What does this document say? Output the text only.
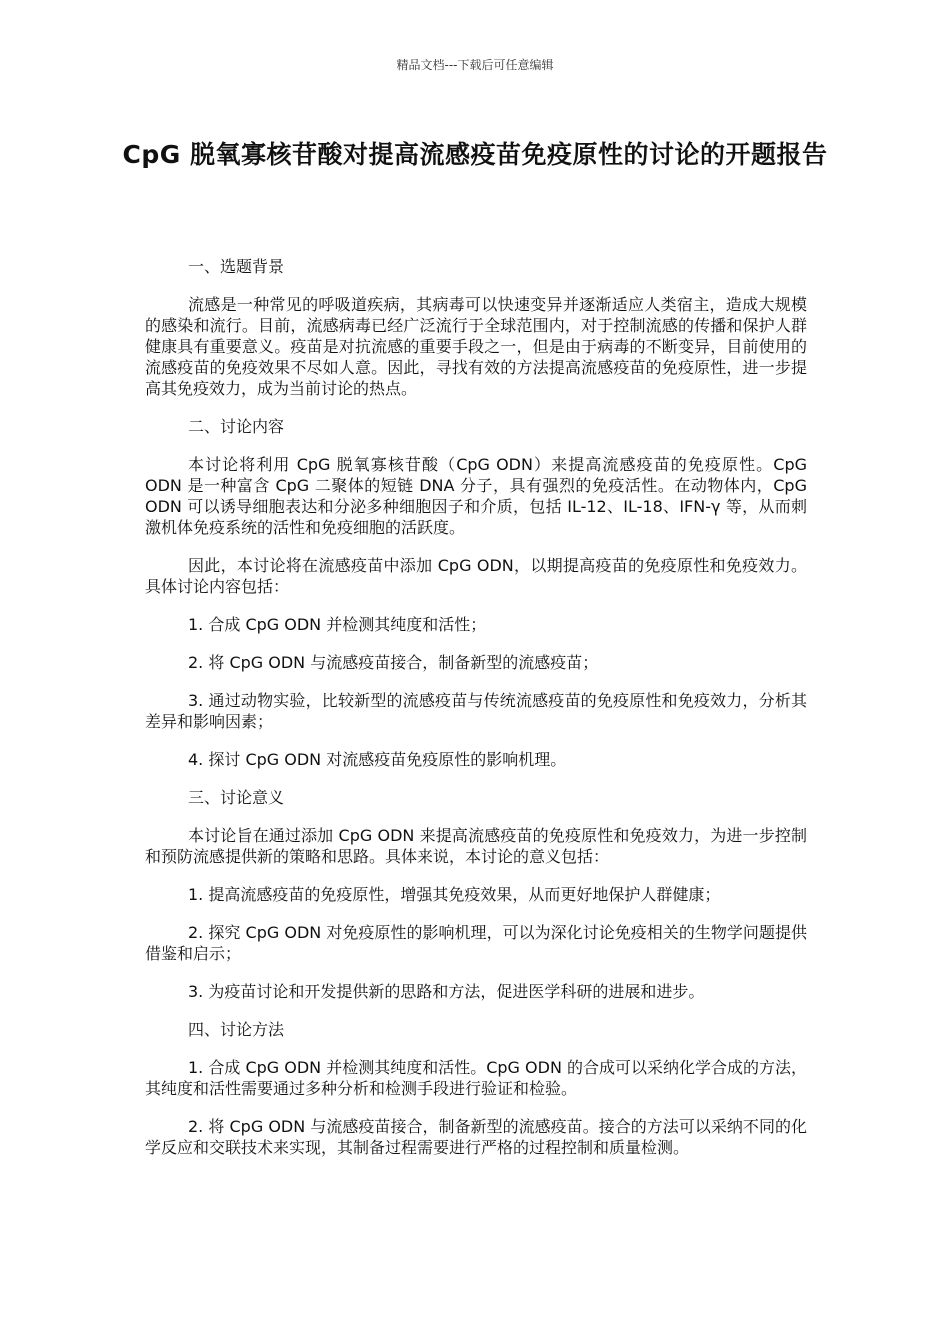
精品文档---下载后可任意编辑
CpG 脱氧寡核苷酸对提高流感疫苗免疫原性的讨论的开题报告

一、选题背景

流感是一种常见的呼吸道疾病，其病毒可以快速变异并逐渐适应人类宿主，造成大规模的感染和流行。目前，流感病毒已经广泛流行于全球范围内，对于控制流感的传播和保护人群健康具有重要意义。疫苗是对抗流感的重要手段之一，但是由于病毒的不断变异，目前使用的流感疫苗的免疫效果不尽如人意。因此，寻找有效的方法提高流感疫苗的免疫原性，进一步提高其免疫效力，成为当前讨论的热点。

二、讨论内容

本讨论将利用 CpG 脱氧寡核苷酸（CpG ODN）来提高流感疫苗的免疫原性。CpG ODN 是一种富含 CpG 二聚体的短链 DNA 分子，具有强烈的免疫活性。在动物体内，CpG ODN 可以诱导细胞表达和分泌多种细胞因子和介质，包括 IL-12、IL-18、IFN-γ 等，从而刺激机体免疫系统的活性和免疫细胞的活跃度。

因此，本讨论将在流感疫苗中添加 CpG ODN，以期提高疫苗的免疫原性和免疫效力。具体讨论内容包括：

1. 合成 CpG ODN 并检测其纯度和活性；

2. 将 CpG ODN 与流感疫苗接合，制备新型的流感疫苗；

3. 通过动物实验，比较新型的流感疫苗与传统流感疫苗的免疫原性和免疫效力，分析其差异和影响因素；

4. 探讨 CpG ODN 对流感疫苗免疫原性的影响机理。

三、讨论意义

本讨论旨在通过添加 CpG ODN 来提高流感疫苗的免疫原性和免疫效力，为进一步控制和预防流感提供新的策略和思路。具体来说，本讨论的意义包括：

1. 提高流感疫苗的免疫原性，增强其免疫效果，从而更好地保护人群健康；

2. 探究 CpG ODN 对免疫原性的影响机理，可以为深化讨论免疫相关的生物学问题提供借鉴和启示；

3. 为疫苗讨论和开发提供新的思路和方法，促进医学科研的进展和进步。

四、讨论方法

1. 合成 CpG ODN 并检测其纯度和活性。CpG ODN 的合成可以采纳化学合成的方法，其纯度和活性需要通过多种分析和检测手段进行验证和检验。

2. 将 CpG ODN 与流感疫苗接合，制备新型的流感疫苗。接合的方法可以采纳不同的化学反应和交联技术来实现，其制备过程需要进行严格的过程控制和质量检测。
